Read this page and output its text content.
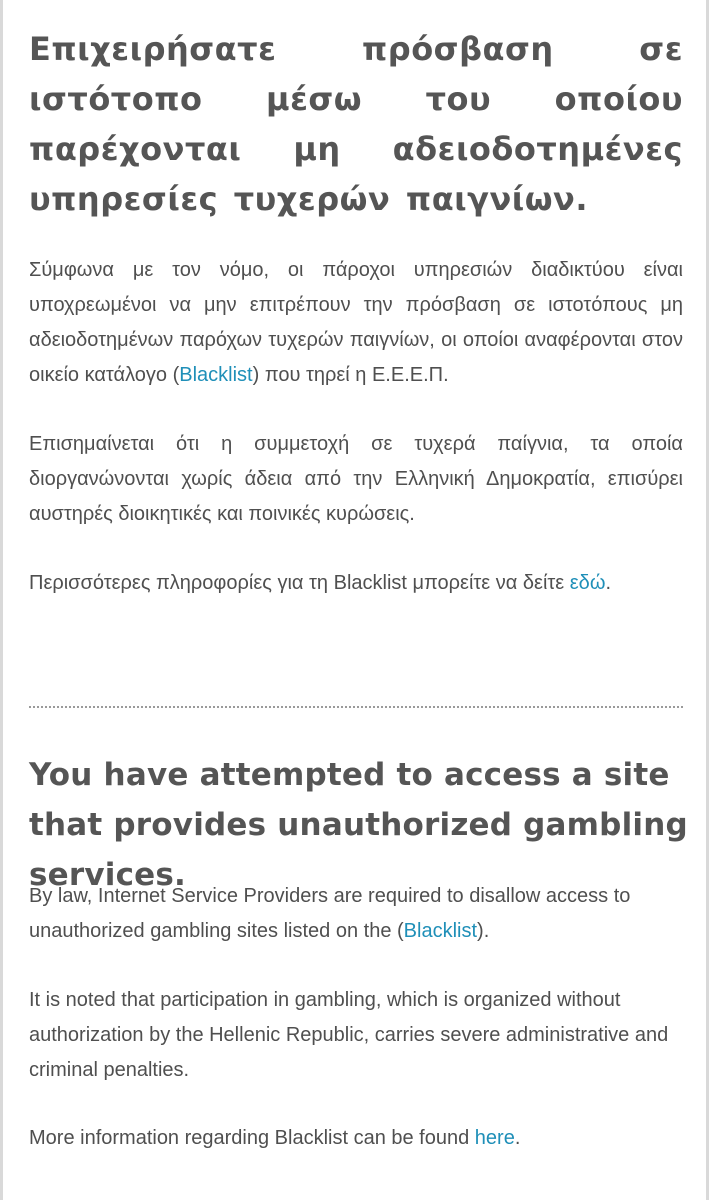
Επιχειρήσατε πρόσβαση σε ιστότοπο μέσω του οποίου παρέχονται μη αδειοδοτημένες υπηρεσίες τυχερών παιγνίων.

Σύμφωνα με τον νόμο, οι πάροχοι υπηρεσιών διαδικτύου είναι υποχρεωμένοι να μην επιτρέπουν την πρόσβαση σε ιστοτόπους μη αδειοδοτημένων παρόχων τυχερών παιγνίων, οι οποίοι αναφέρονται στον οικείο κατάλογο (Blacklist) που τηρεί η Ε.Ε.Ε.Π.

Επισημαίνεται ότι η συμμετοχή σε τυχερά παίγνια, τα οποία διοργανώνονται χωρίς άδεια από την Ελληνική Δημοκρατία, επισύρει αυστηρές διοικητικές και ποινικές κυρώσεις.

Περισσότερες πληροφορίες για τη Blacklist μπορείτε να δείτε εδώ.

You have attempted to access a site that provides unauthorized gambling services.

By law, Internet Service Providers are required to disallow access to unauthorized gambling sites listed on the (Blacklist).

It is noted that participation in gambling, which is organized without authorization by the Hellenic Republic, carries severe administrative and criminal penalties.

More information regarding Blacklist can be found here.
